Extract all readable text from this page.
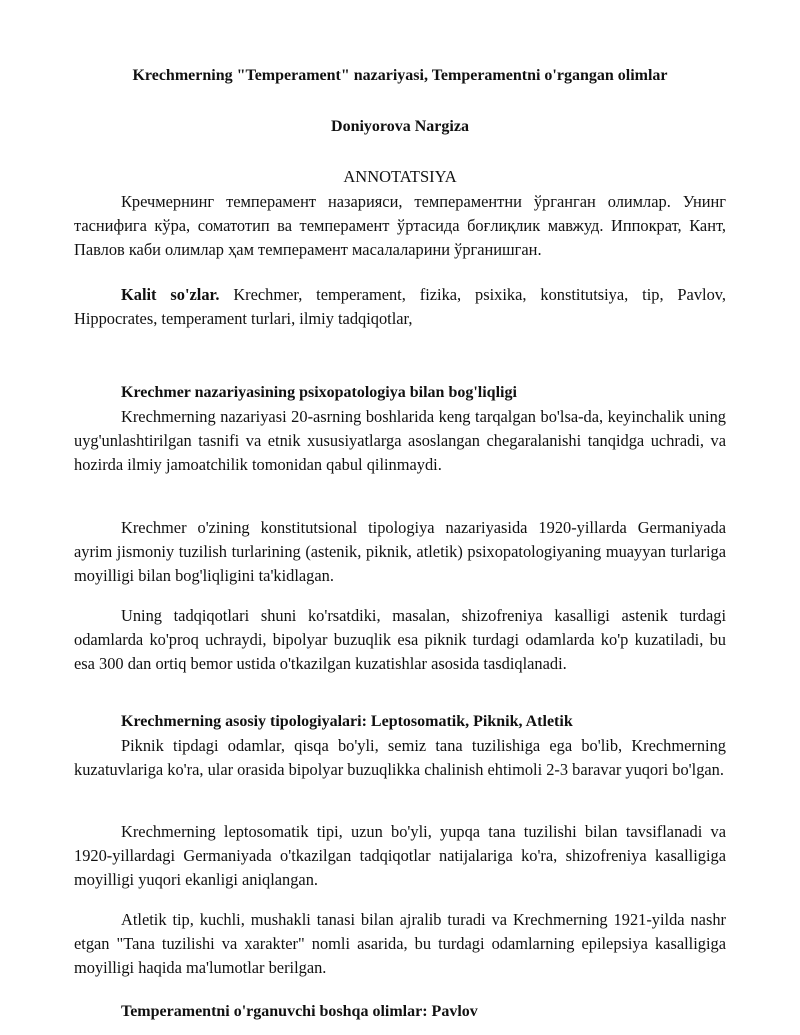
Krechmerning "Temperament" nazariyasi, Temperamentni o'rgangan olimlar
Doniyorova Nargiza
ANNOTATSIYA

Кречмернинг темперамент назарияси, темпераментни ўрганган олимлар. Унинг таснифига кўра, соматотип ва темперамент ўртасида боғлиқлик мавжуд. Иппократ, Кант, Павлов каби олимлар ҳам темперамент масалаларини ўрганишган.

Kalit so'zlar. Krechmer, temperament, fizika, psixika, konstitutsiya, tip, Pavlov, Hippocrates, temperament turlari, ilmiy tadqiqotlar,

Krechmer nazariyasining psixopatologiya bilan bog'liqligi

Krechmerning nazariyasi 20-asrning boshlarida keng tarqalgan bo'lsa-da, keyinchalik uning uyg'unlashtirilgan tasnifi va etnik xususiyatlarga asoslangan chegaralanishi tanqidga uchradi, va hozirda ilmiy jamoatchilik tomonidan qabul qilinmaydi.

Krechmer o'zining konstitutsional tipologiya nazariyasida 1920-yillarda Germaniyada ayrim jismoniy tuzilish turlarining (astenik, piknik, atletik) psixopatologiyaning muayyan turlariga moyilligi bilan bog'liqligini ta'kidlagan.

Uning tadqiqotlari shuni ko'rsatdiki, masalan, shizofreniya kasalligi astenik turdagi odamlarda ko'proq uchraydi, bipolyar buzuqlik esa piknik turdagi odamlarda ko'p kuzatiladi, bu esa 300 dan ortiq bemor ustida o'tkazilgan kuzatishlar asosida tasdiqlanadi.

Krechmerning asosiy tipologiyalari: Leptosomatik, Piknik, Atletik

Piknik tipdagi odamlar, qisqa bo'yli, semiz tana tuzilishiga ega bo'lib, Krechmerning kuzatuvlariga ko'ra, ular orasida bipolyar buzuqlikka chalinish ehtimoli 2-3 baravar yuqori bo'lgan.

Krechmerning leptosomatik tipi, uzun bo'yli, yupqa tana tuzilishi bilan tavsiflanadi va 1920-yillardagi Germaniyada o'tkazilgan tadqiqotlar natijalariga ko'ra, shizofreniya kasalligiga moyilligi yuqori ekanligi aniqlangan.

Atletik tip, kuchli, mushakli tanasi bilan ajralib turadi va Krechmerning 1921-yilda nashr etgan "Tana tuzilishi va xarakter" nomli asarida, bu turdagi odamlarning epilepsiya kasalligiga moyilligi haqida ma'lumotlar berilgan.

Temperamentni o'rganuvchi boshqa olimlar: Pavlov
